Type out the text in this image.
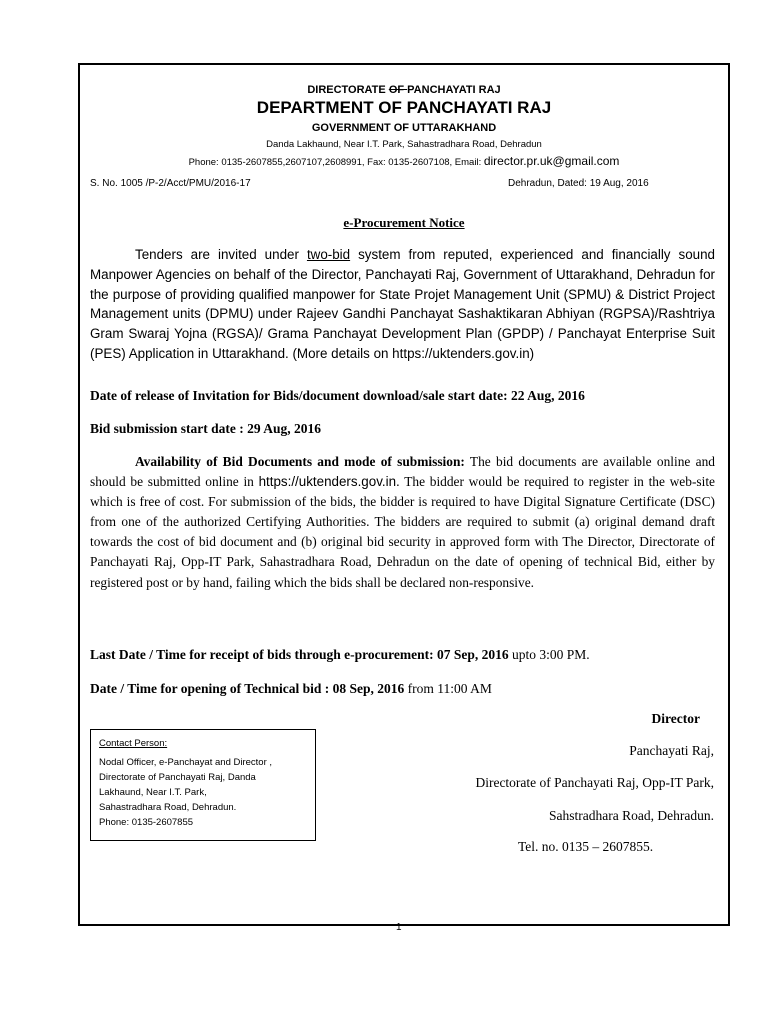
DIRECTORATE OF PANCHAYATI RAJ
DEPARTMENT OF PANCHAYATI RAJ
GOVERNMENT OF UTTARAKHAND
Danda Lakhaund, Near I.T. Park, Sahastradhara Road, Dehradun
Phone: 0135-2607855,2607107,2608991, Fax: 0135-2607108, Email: director.pr.uk@gmail.com
S. No. 1005 /P-2/Acct/PMU/2016-17	Dehradun, Dated: 19 Aug, 2016
e-Procurement Notice
Tenders are invited under two-bid system from reputed, experienced and financially sound Manpower Agencies on behalf of the Director, Panchayati Raj, Government of Uttarakhand, Dehradun for the purpose of providing qualified manpower for State Projet Management Unit (SPMU) & District Project Management units (DPMU) under Rajeev Gandhi Panchayat Sashaktikaran Abhiyan (RGPSA)/Rashtriya Gram Swaraj Yojna (RGSA)/ Grama Panchayat Development Plan (GPDP) / Panchayat Enterprise Suit (PES) Application in Uttarakhand. (More details on https://uktenders.gov.in)
Date of release of Invitation for Bids/document download/sale start date: 22 Aug, 2016
Bid submission start date : 29 Aug, 2016
Availability of Bid Documents and mode of submission: The bid documents are available online and should be submitted online in https://uktenders.gov.in. The bidder would be required to register in the web-site which is free of cost. For submission of the bids, the bidder is required to have Digital Signature Certificate (DSC) from one of the authorized Certifying Authorities. The bidders are required to submit (a) original demand draft towards the cost of bid document and (b) original bid security in approved form with The Director, Directorate of Panchayati Raj, Opp-IT Park, Sahastradhara Road, Dehradun on the date of opening of technical Bid, either by registered post or by hand, failing which the bids shall be declared non-responsive.
Last Date / Time for receipt of bids through e-procurement: 07 Sep, 2016 upto 3:00 PM.
Date / Time for opening of Technical bid : 08 Sep, 2016 from 11:00 AM
Contact Person:
Nodal Officer, e-Panchayat and Director ,
Directorate of Panchayati Raj, Danda
Lakhaund, Near I.T. Park,
Sahastradhara Road, Dehradun.
Phone: 0135-2607855
Director
Panchayati Raj,
Directorate of Panchayati Raj, Opp-IT Park,
Sahstradhara Road, Dehradun.
Tel. no. 0135 – 2607855.
1
